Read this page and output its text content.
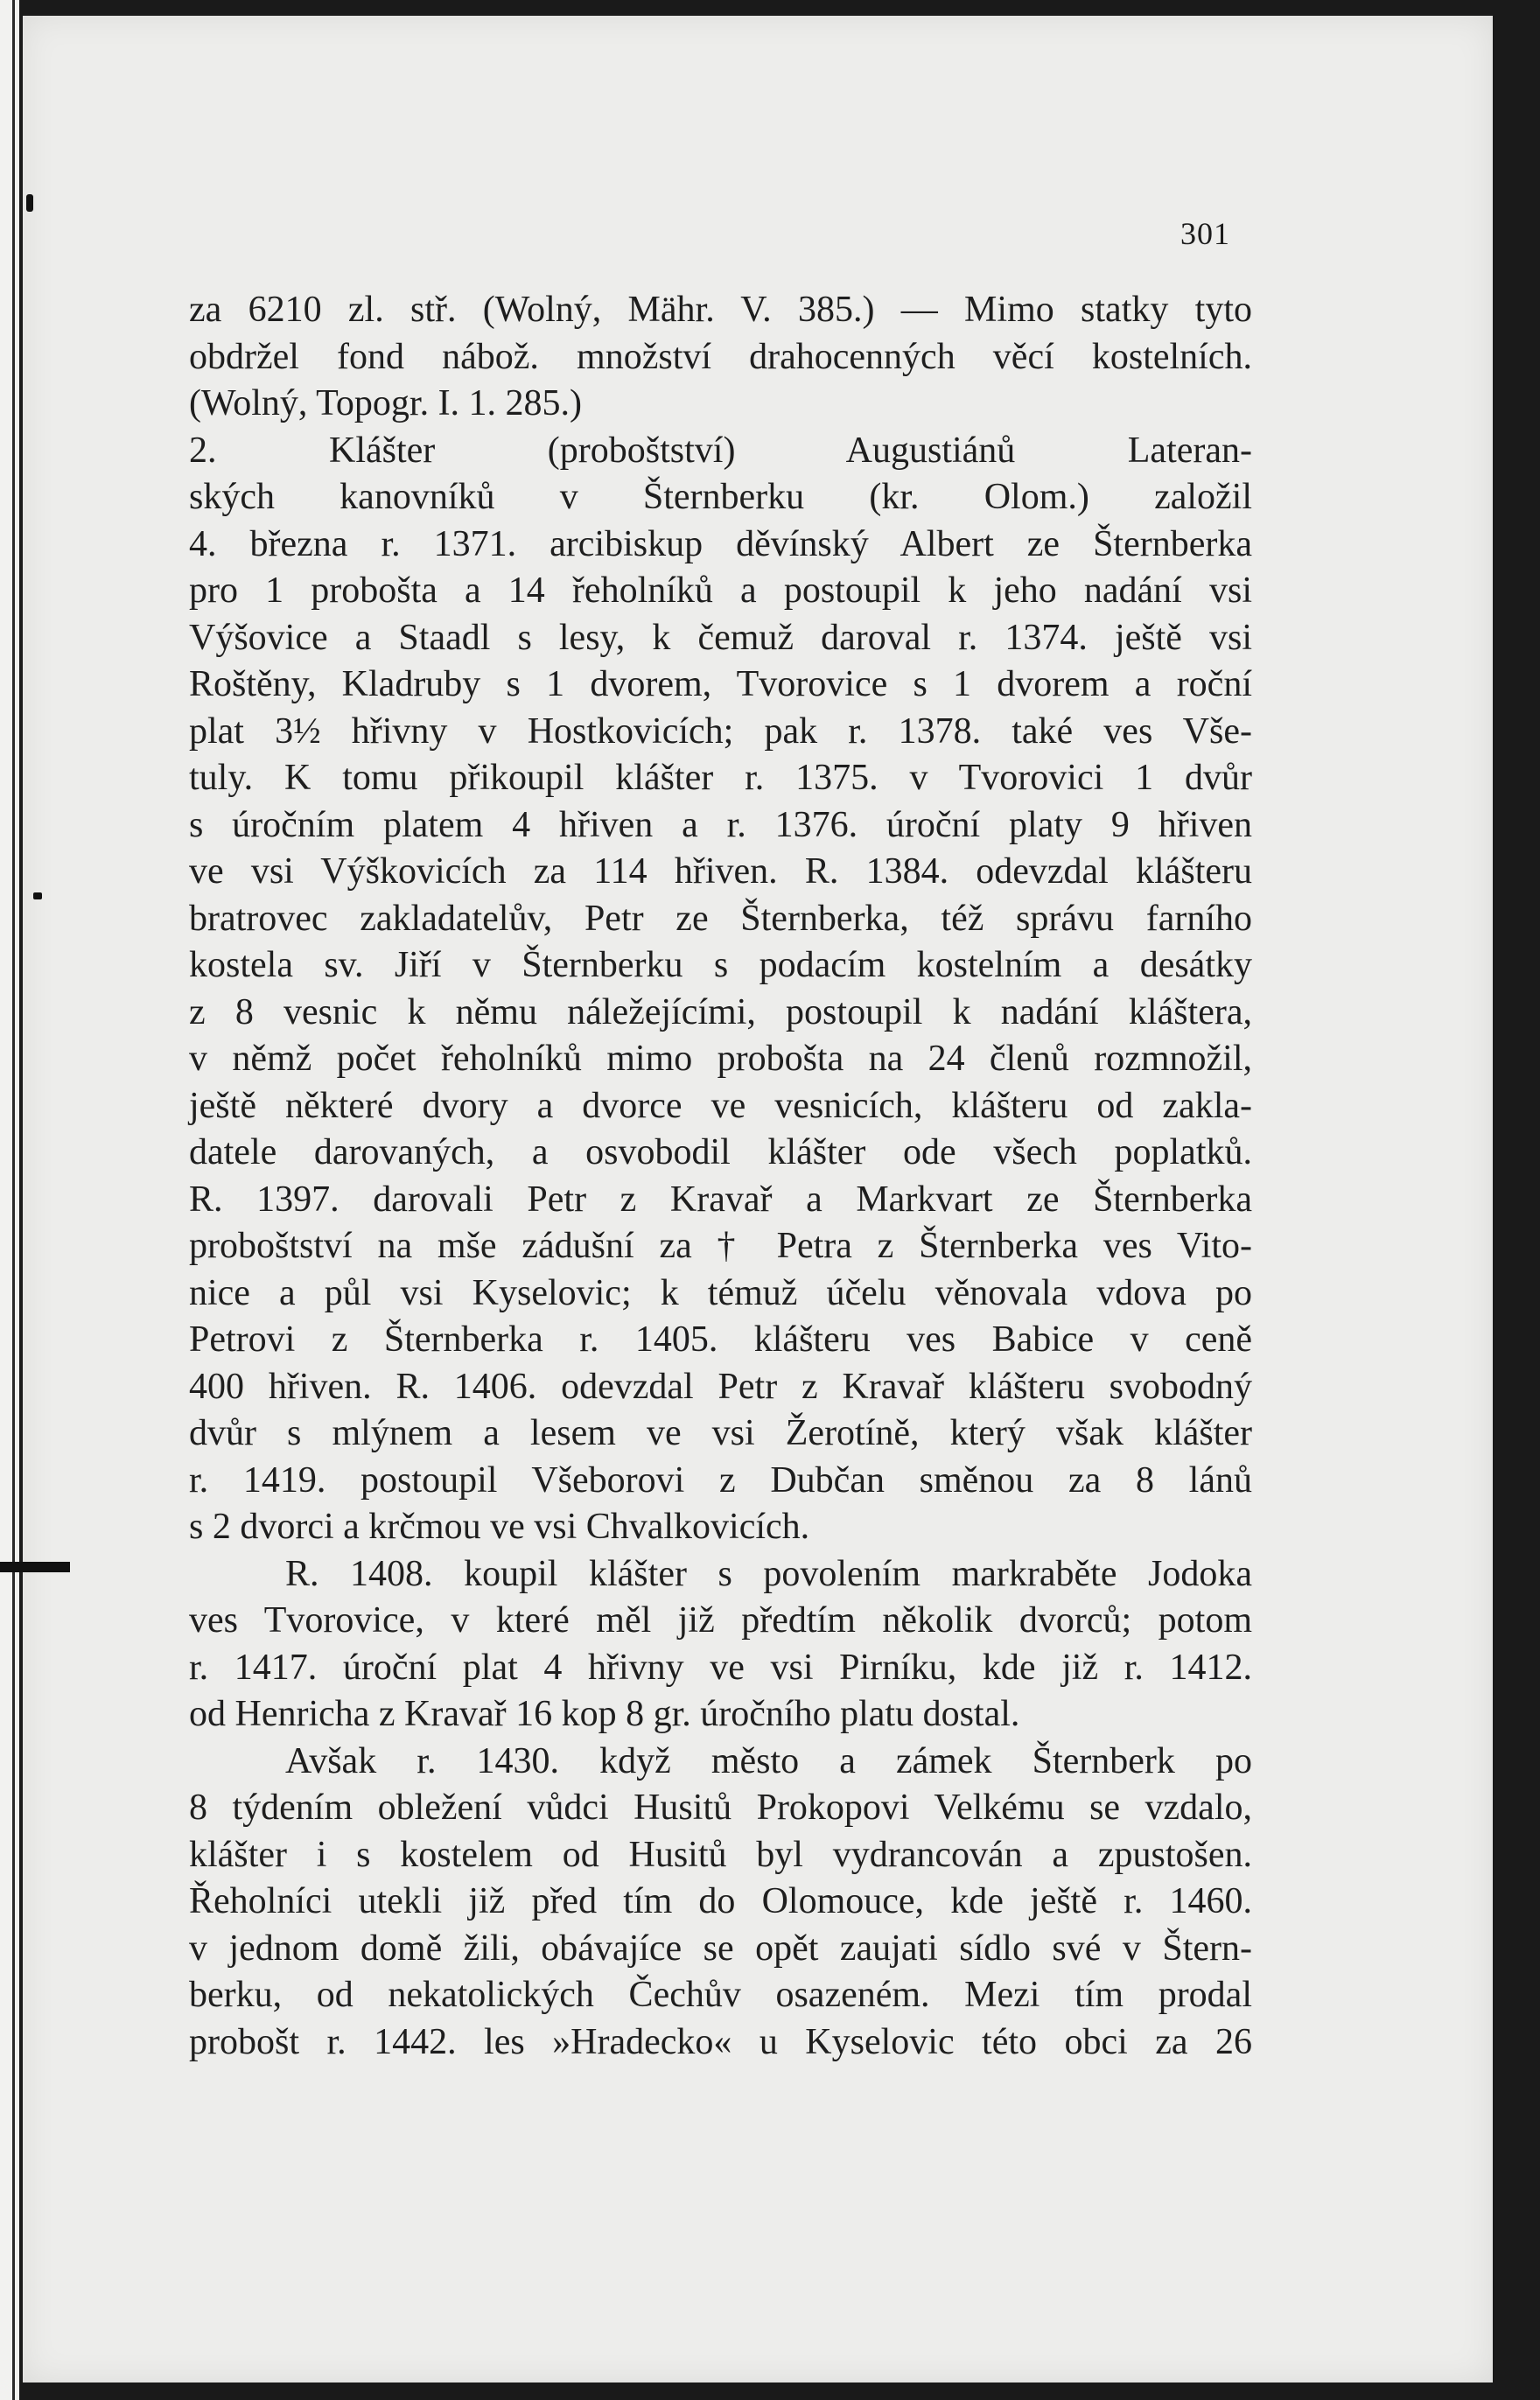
301
za 6210 zl. stř. (Wolný, Mähr. V. 385.) — Mimo statky tyto
obdržel fond nábož. množství drahocenných věcí kostelních.
(Wolný, Topogr. I. 1. 285.)
2. Klášter (proboštství) Augustiánů Lateran-
ských kanovníků v Šternberku (kr. Olom.) založil
4. března r. 1371. arcibiskup děvínský Albert ze Šternberka
pro 1 probošta a 14 řeholníků a postoupil k jeho nadání vsi
Výšovice a Staadl s lesy, k čemuž daroval r. 1374. ještě vsi
Roštěny, Kladruby s 1 dvorem, Tvorovice s 1 dvorem a roční
plat 3½ hřivny v Hostkovicích; pak r. 1378. také ves Vše-
tuly. K tomu přikoupil klášter r. 1375. v Tvorovici 1 dvůr
s úročním platem 4 hřiven a r. 1376. úroční platy 9 hřiven
ve vsi Výškovicích za 114 hřiven. R. 1384. odevzdal klášteru
bratrovec zakladatelův, Petr ze Šternberka, též správu farního
kostela sv. Jiří v Šternberku s podacím kostelním a desátky
z 8 vesnic k němu náležejícími, postoupil k nadání kláštera,
v němž počet řeholníků mimo probošta na 24 členů rozmnožil,
ještě některé dvory a dvorce ve vesnicích, klášteru od zakla-
datele darovaných, a osvobodil klášter ode všech poplatků.
R. 1397. darovali Petr z Kravař a Markvart ze Šternberka
proboštství na mše zádušní za † Petra z Šternberka ves Vito-
nice a půl vsi Kyselovic; k témuž účelu věnovala vdova po
Petrovi z Šternberka r. 1405. klášteru ves Babice v ceně
400 hřiven. R. 1406. odevzdal Petr z Kravař klášteru svobodný
dvůr s mlýnem a lesem ve vsi Žerotíně, který však klášter
r. 1419. postoupil Všeborovi z Dubčan směnou za 8 lánů
s 2 dvorci a krčmou ve vsi Chvalkovicích.
R. 1408. koupil klášter s povolením markraběte Jodoka
ves Tvorovice, v které měl již předtím několik dvorců; potom
r. 1417. úroční plat 4 hřivny ve vsi Pirníku, kde již r. 1412.
od Henricha z Kravař 16 kop 8 gr. úročního platu dostal.
Avšak r. 1430. když město a zámek Šternberk po
8 týdením obležení vůdci Husitů Prokopovi Velkému se vzdalo,
klášter i s kostelem od Husitů byl vydrancován a zpustošen.
Řeholníci utekli již před tím do Olomouce, kde ještě r. 1460.
v jednom domě žili, obávajíce se opět zaujati sídlo své v Štern-
berku, od nekatolických Čechův osazeném. Mezi tím prodal
probošt r. 1442. les »Hradecko« u Kyselovic této obci za 26
